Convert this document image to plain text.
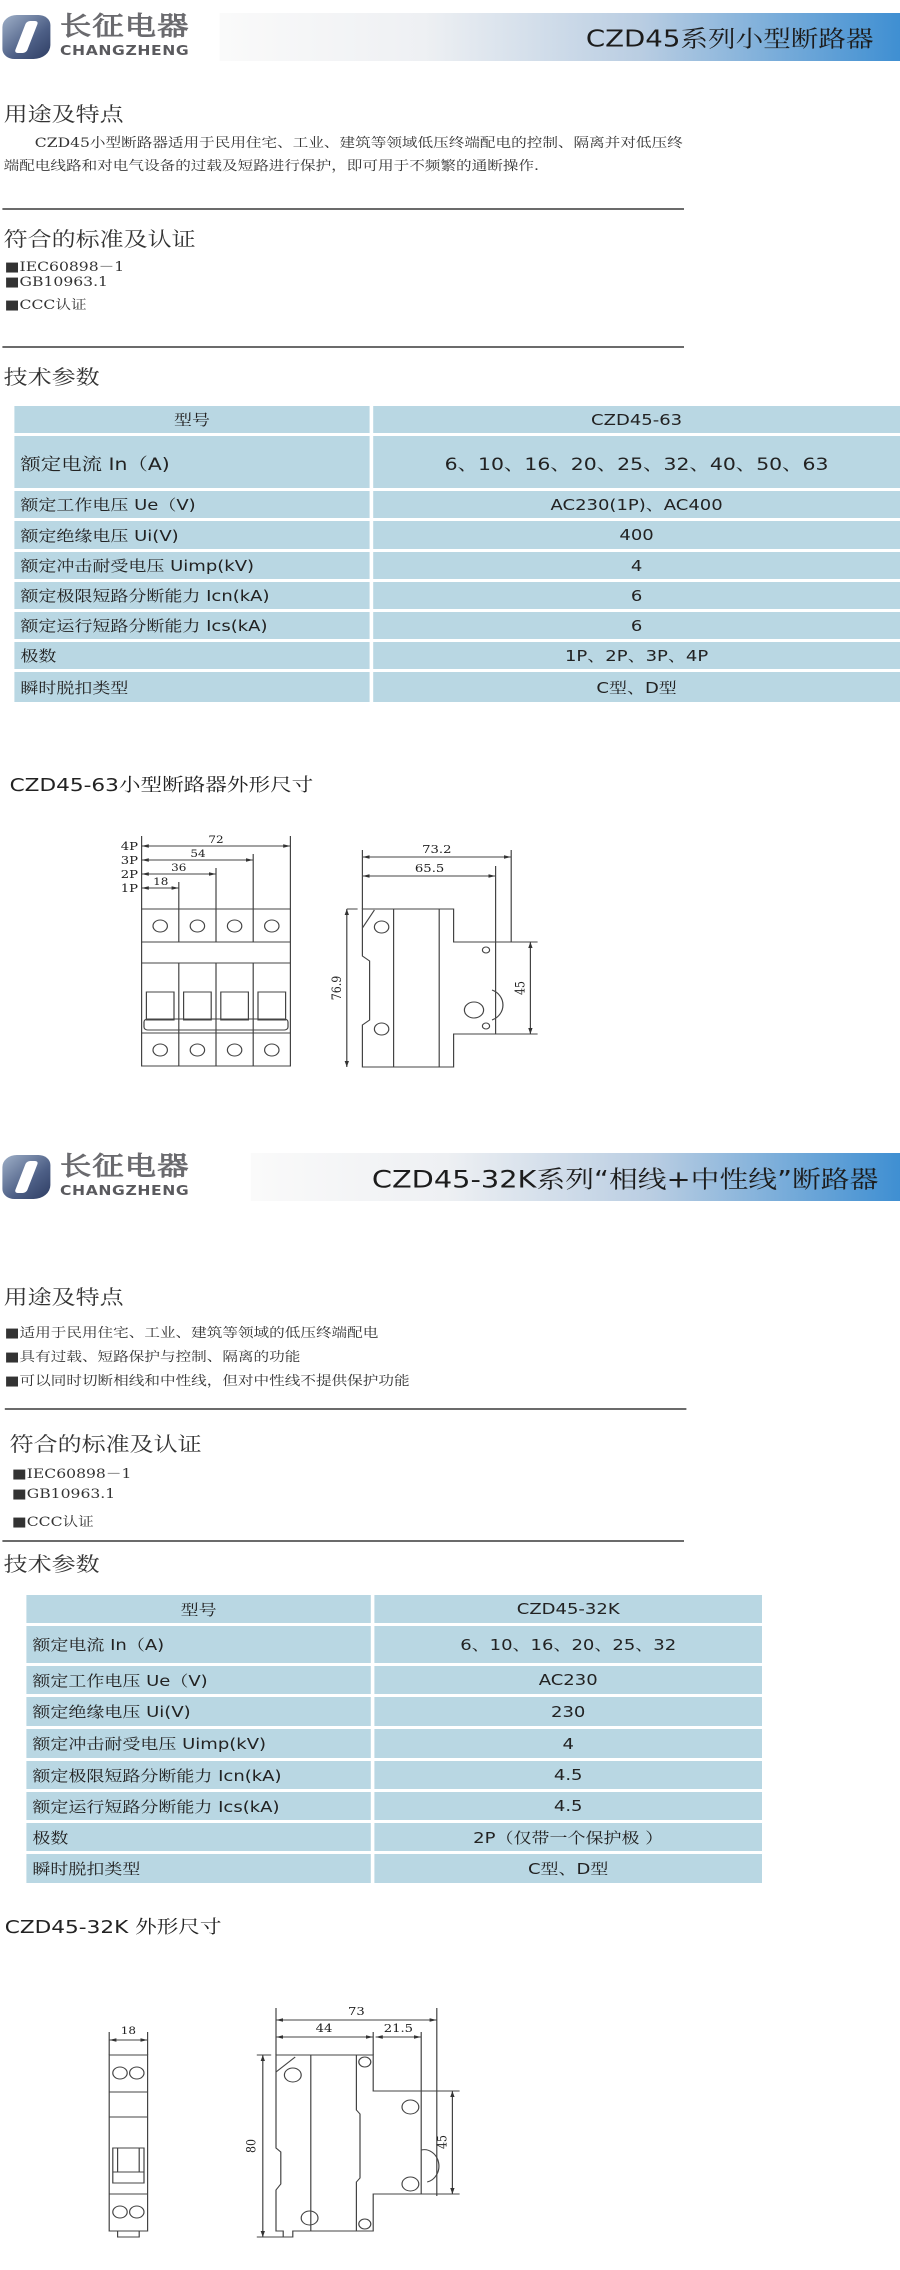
长征电器
CHANGZHENG	CZD45系列小型断路器
用途及特点
CZD45小型断路器适用于民用住宅、工业、建筑等领域低压终端配电的控制、隔离并对低压终端配电线路和对电气设备的过载及短路进行保护，即可用于不频繁的通断操作.
符合的标准及认证
■IEC60898－1
■GB10963.1
■CCC认证
技术参数
型号	CZD45-63
额定电流 In（A)	6、10、16、20、25、32、40、50、63
额定工作电压 Ue（V)	AC230(1P)、AC400
额定绝缘电压 Ui(V)	400
额定冲击耐受电压 Uimp(kV)	4
额定极限短路分断能力 Icn(kA)	6
额定运行短路分断能力 Ics(kA)	6
极数	1P、2P、3P、4P
瞬时脱扣类型	C型、D型
CZD45-63小型断路器外形尺寸
72
54
36
18
4P
3P
2P
1P
73.2
65.5
76.9	45
长征电器
CHANGZHENG	CZD45-32K系列“相线+中性线”断路器
用途及特点
■适用于民用住宅、工业、建筑等领域的低压终端配电
■具有过载、短路保护与控制、隔离的功能
■可以同时切断相线和中性线，但对中性线不提供保护功能
符合的标准及认证
■IEC60898－1
■GB10963.1
■CCC认证
技术参数
型号	CZD45-32K
额定电流 In（A)	6、10、16、20、25、32
额定工作电压 Ue（V)	AC230
额定绝缘电压 Ui(V)	230
额定冲击耐受电压 Uimp(kV)	4
额定极限短路分断能力 Icn(kA)	4.5
额定运行短路分断能力 Ics(kA)	4.5
极数	2P（仅带一个保护极 ）
瞬时脱扣类型	C型、D型
CZD45-32K 外形尺寸
18
73
44	21.5
80	45
